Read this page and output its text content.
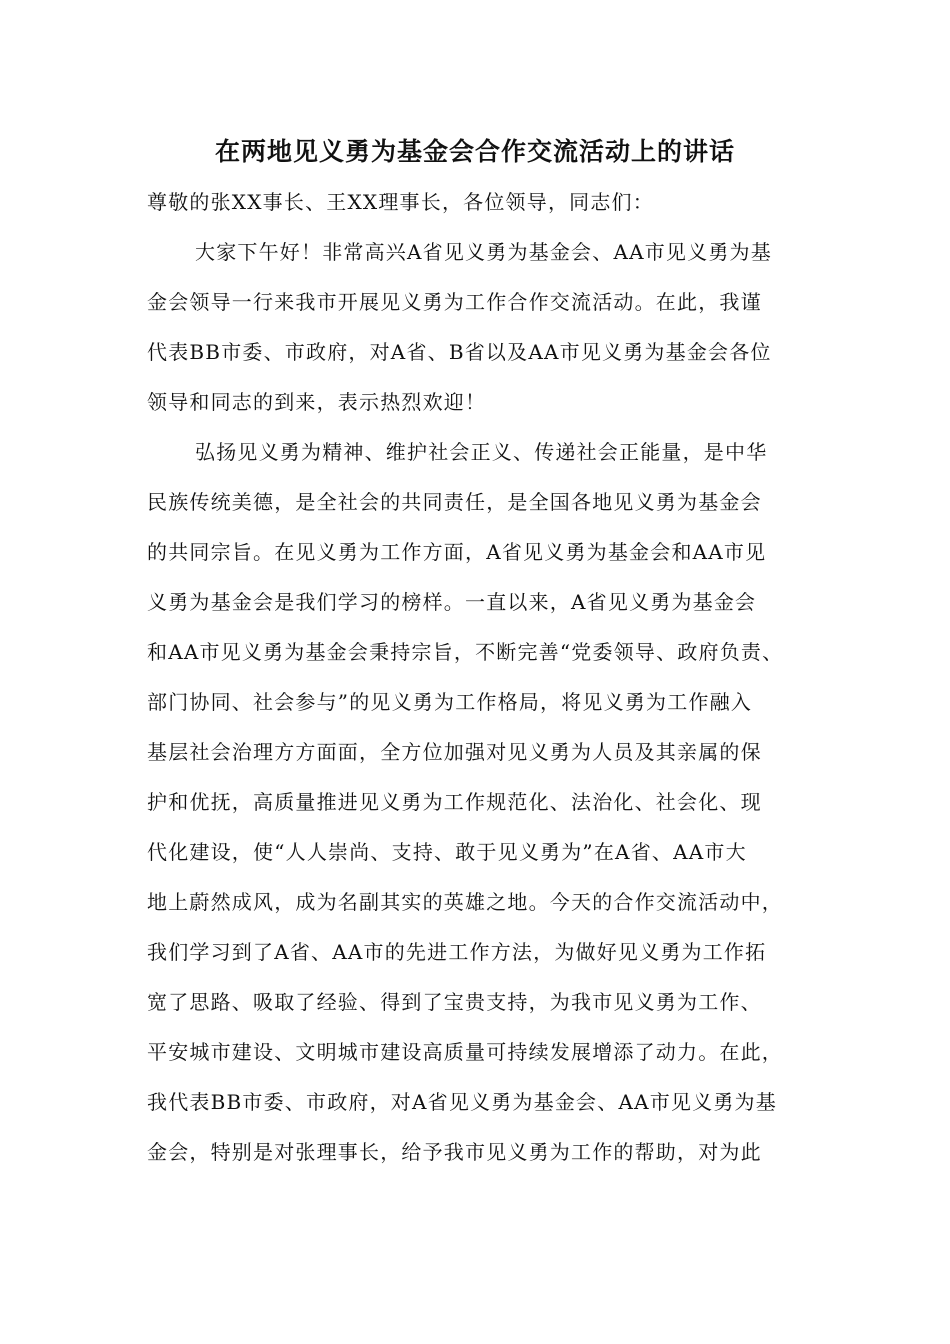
在两地见义勇为基金会合作交流活动上的讲话
尊敬的张XX事长、王XX理事长，各位领导，同志们：
大家下午好！非常高兴A省见义勇为基金会、AA市见义勇为基
金会领导一行来我市开展见义勇为工作合作交流活动。在此，我谨
代表BB市委、市政府，对A省、B省以及AA市见义勇为基金会各位
领导和同志的到来，表示热烈欢迎！
弘扬见义勇为精神、维护社会正义、传递社会正能量，是中华
民族传统美德，是全社会的共同责任，是全国各地见义勇为基金会
的共同宗旨。在见义勇为工作方面，A省见义勇为基金会和AA市见
义勇为基金会是我们学习的榜样。一直以来，A省见义勇为基金会
和AA市见义勇为基金会秉持宗旨，不断完善“党委领导、政府负责、
部门协同、社会参与”的见义勇为工作格局，将见义勇为工作融入
基层社会治理方方面面，全方位加强对见义勇为人员及其亲属的保
护和优抚，高质量推进见义勇为工作规范化、法治化、社会化、现
代化建设，使“人人崇尚、支持、敢于见义勇为”在A省、AA市大
地上蔚然成风，成为名副其实的英雄之地。今天的合作交流活动中，
我们学习到了A省、AA市的先进工作方法，为做好见义勇为工作拓
宽了思路、吸取了经验、得到了宝贵支持，为我市见义勇为工作、
平安城市建设、文明城市建设高质量可持续发展增添了动力。在此，
我代表BB市委、市政府，对A省见义勇为基金会、AA市见义勇为基
金会，特别是对张理事长，给予我市见义勇为工作的帮助，对为此
